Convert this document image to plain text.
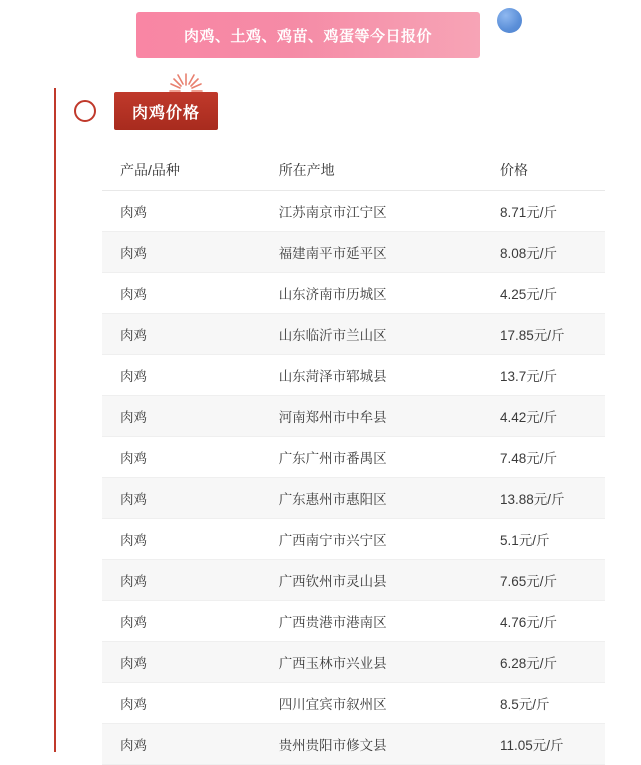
肉鸡、土鸡、鸡苗、鸡蛋等今日报价
肉鸡价格
产品/品种	所在产地	价格
肉鸡	江苏南京市江宁区	8.71元/斤
肉鸡	福建南平市延平区	8.08元/斤
肉鸡	山东济南市历城区	4.25元/斤
肉鸡	山东临沂市兰山区	17.85元/斤
肉鸡	山东菏泽市郓城县	13.7元/斤
肉鸡	河南郑州市中牟县	4.42元/斤
肉鸡	广东广州市番禺区	7.48元/斤
肉鸡	广东惠州市惠阳区	13.88元/斤
肉鸡	广西南宁市兴宁区	5.1元/斤
肉鸡	广西钦州市灵山县	7.65元/斤
肉鸡	广西贵港市港南区	4.76元/斤
肉鸡	广西玉林市兴业县	6.28元/斤
肉鸡	四川宜宾市叙州区	8.5元/斤
肉鸡	贵州贵阳市修文县	11.05元/斤
